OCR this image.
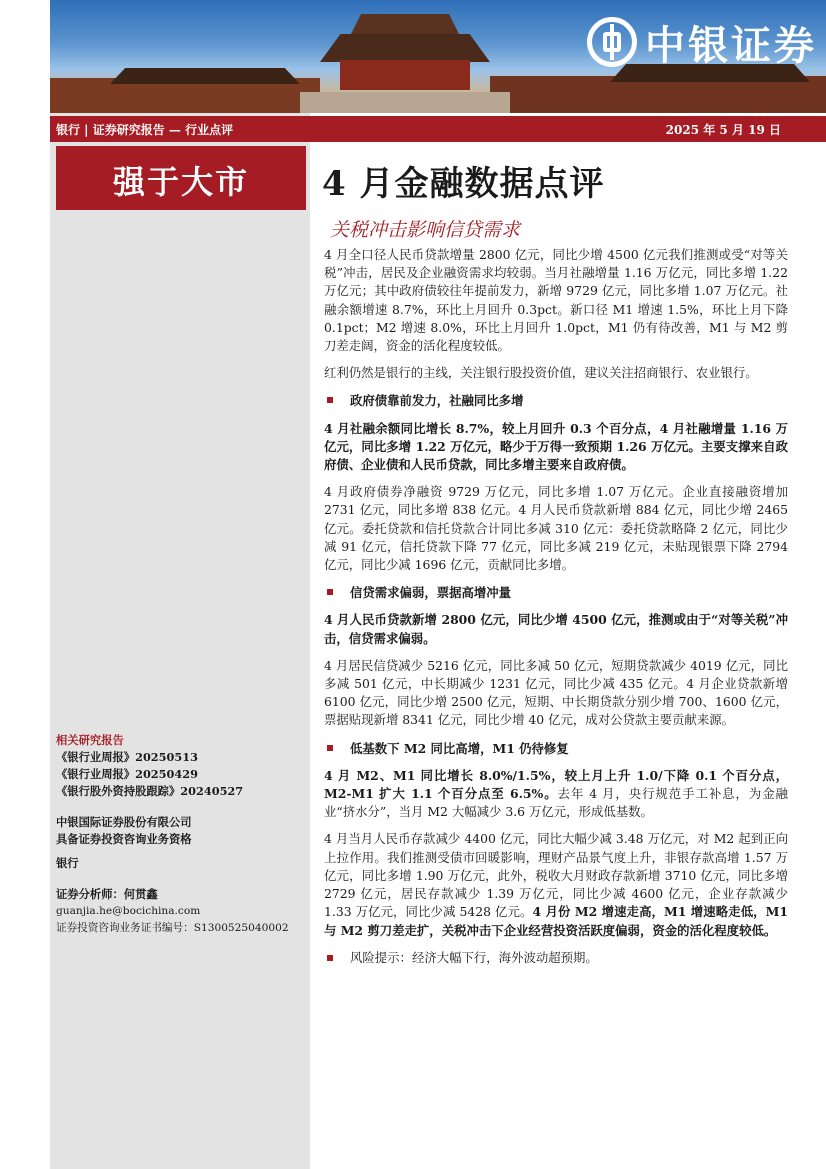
中银证券
银行 | 证券研究报告 — 行业点评	2025 年 5 月 19 日
强于大市	4 月金融数据点评
关税冲击影响信贷需求

4 月全口径人民币贷款增量 2800 亿元，同比少增 4500 亿元我们推测或受“对等关税”冲击，居民及企业融资需求均较弱。当月社融增量 1.16 万亿元，同比多增 1.22 万亿元；其中政府债较往年提前发力，新增 9729 亿元，同比多增 1.07 万亿元。社融余额增速 8.7%，环比上月回升 0.3pct。新口径 M1 增速 1.5%，环比上月下降 0.1pct；M2 增速 8.0%，环比上月回升 1.0pct，M1 仍有待改善，M1 与 M2 剪刀差走阔，资金的活化程度较低。

红利仍然是银行的主线，关注银行股投资价值，建议关注招商银行、农业银行。

政府债靠前发力，社融同比多增

4 月社融余额同比增长 8.7%，较上月回升 0.3 个百分点，4 月社融增量 1.16 万亿元，同比多增 1.22 万亿元，略少于万得一致预期 1.26 万亿元。主要支撑来自政府债、企业债和人民币贷款，同比多增主要来自政府债。

4 月政府债券净融资 9729 万亿元，同比多增 1.07 万亿元。企业直接融资增加 2731 亿元，同比多增 838 亿元。4 月人民币贷款新增 884 亿元，同比少增 2465 亿元。委托贷款和信托贷款合计同比多减 310 亿元：委托贷款略降 2 亿元，同比少减 91 亿元，信托贷款下降 77 亿元，同比多减 219 亿元，未贴现银票下降 2794 亿元，同比少减 1696 亿元，贡献同比多增。

信贷需求偏弱，票据高增冲量

4 月人民币贷款新增 2800 亿元，同比少增 4500 亿元，推测或由于“对等关税”冲击，信贷需求偏弱。

4 月居民信贷减少 5216 亿元，同比多减 50 亿元，短期贷款减少 4019 亿元，同比多减 501 亿元，中长期减少 1231 亿元，同比少减 435 亿元。4 月企业贷款新增 6100 亿元，同比少增 2500 亿元，短期、中长期贷款分别少增 700、1600 亿元，票据贴现新增 8341 亿元，同比少增 40 亿元，成对公贷款主要贡献来源。

低基数下 M2 同比高增，M1 仍待修复

4 月 M2、M1 同比增长 8.0%/1.5%，较上月上升 1.0/下降 0.1 个百分点，M2-M1 扩大 1.1 个百分点至 6.5%。去年 4 月，央行规范手工补息，为金融业“挤水分”，当月 M2 大幅减少 3.6 万亿元，形成低基数。

4 月当月人民币存款减少 4400 亿元，同比大幅少减 3.48 万亿元，对 M2 起到正向上拉作用。我们推测受债市回暖影响，理财产品景气度上升，非银存款高增 1.57 万亿元，同比多增 1.90 万亿元，此外，税收大月财政存款新增 3710 亿元，同比多增 2729 亿元，居民存款减少 1.39 万亿元，同比少减 4600 亿元，企业存款减少 1.33 万亿元，同比少减 5428 亿元。4 月份 M2 增速走高，M1 增速略走低，M1 与 M2 剪刀差走扩，关税冲击下企业经营投资活跃度偏弱，资金的活化程度较低。

风险提示：经济大幅下行，海外波动超预期。

相关研究报告
《银行业周报》20250513
《银行业周报》20250429
《银行股外资持股跟踪》20240527
中银国际证券股份有限公司
具备证券投资咨询业务资格
银行
证券分析师：何贯鑫
guanjia.he@bocichina.com
证券投资咨询业务证书编号：S1300525040002
